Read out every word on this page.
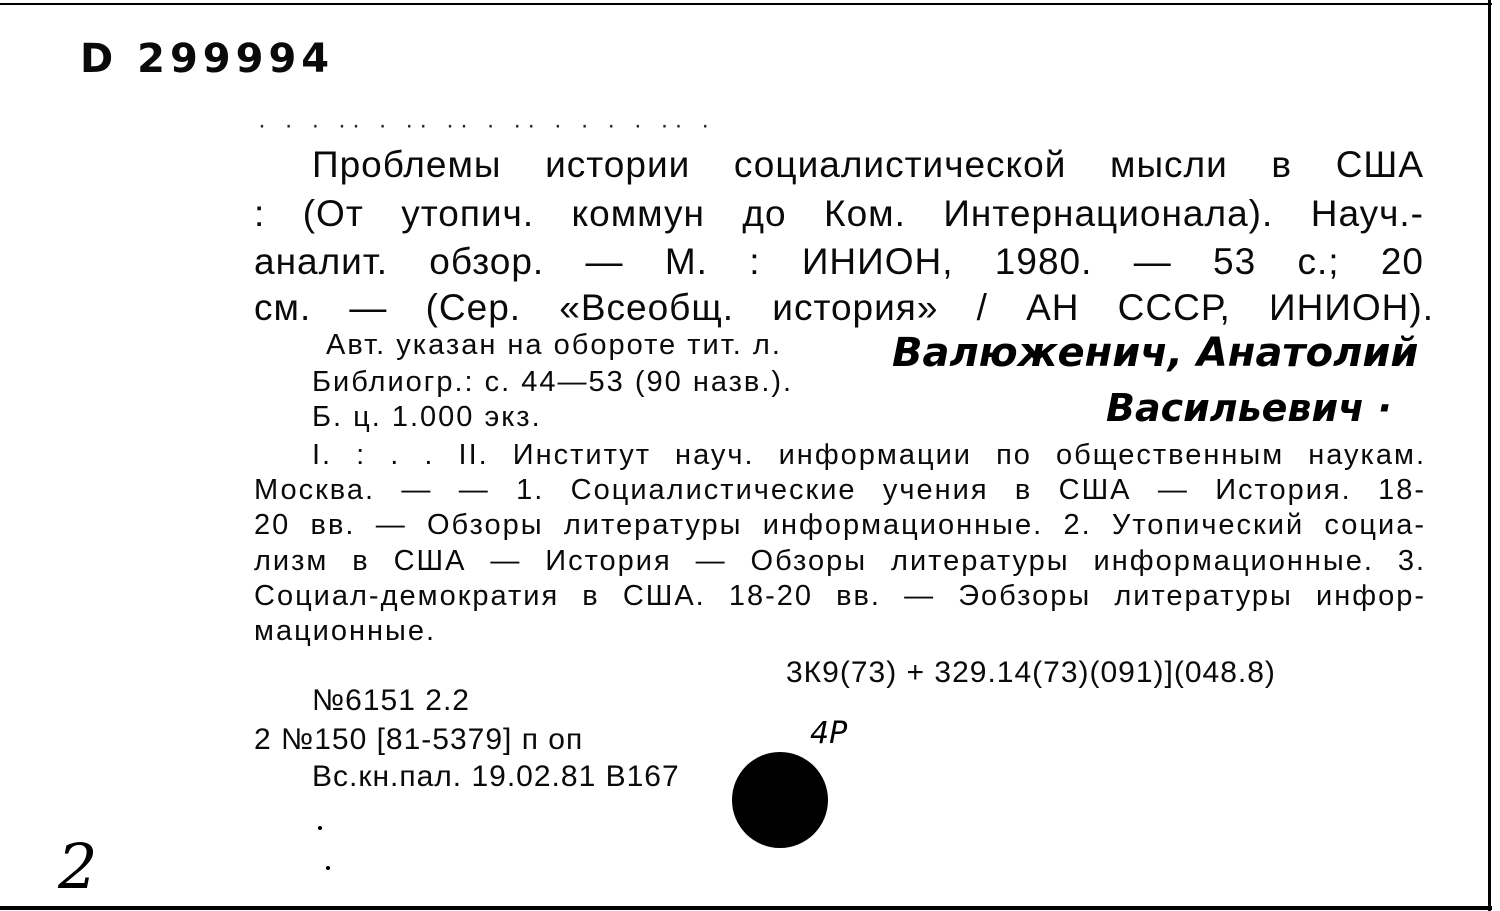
D 299994
· · · ·· · ·· ·· · ·· · · · · ·· ·
Проблемы истории социалистической мысли в США
: (От утопич. коммун до Ком. Интернационала). Науч.-
аналит. обзор. — М. : ИНИОН, 1980. — 53 с.; 20
см. — (Сер. «Всеобщ. история» / АН СССР, ИНИОН).
Авт. указан на обороте тит. л.
Библиогр.: с. 44—53 (90 назв.).
Б. ц. 1.000 экз.
Валюженич, Анатолий
Васильевич ·
4Р
2
I. : . . II. Институт науч. информации по общественным наукам.
Москва. — — 1. Социалистические учения в США — История. 18-
20 вв. — Обзоры литературы информационные. 2. Утопический социа-
лизм в США — История — Обзоры литературы информационные. 3.
Социал-демократия в США. 18-20 вв. — Эобзоры литературы инфор-
мационные.
3К9(73) + 329.14(73)(091)](048.8)
№6151 2.2
2 №150 [81-5379] п оп
Вс.кн.пал. 19.02.81 В167
